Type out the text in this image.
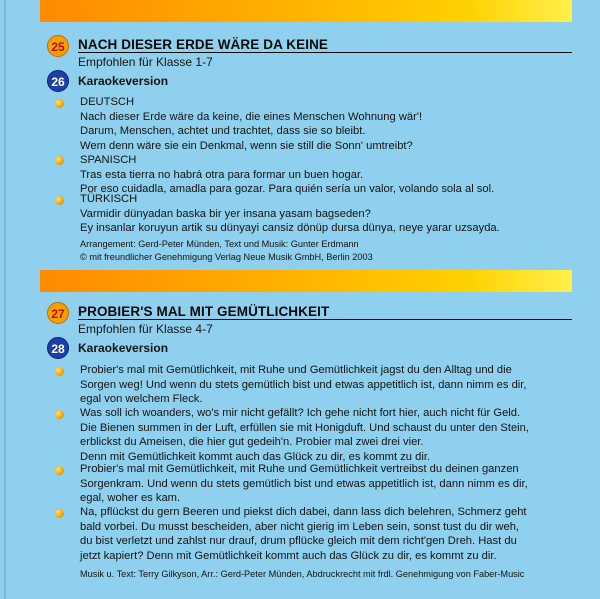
25 NACH DIESER ERDE WÄRE DA KEINE
Empfohlen für Klasse 1-7
26	Karaokeversion
DEUTSCH
Nach dieser Erde wäre da keine, die eines Menschen Wohnung wär'!
Darum, Menschen, achtet und trachtet, dass sie so bleibt.
Wem denn wäre sie ein Denkmal, wenn sie still die Sonn' umtreibt?
SPANISCH
Tras esta tierra no habrá otra para formar un buen hogar.
Por eso cuidadla, amadla para gozar. Para quién sería un valor, volando sola al sol.
TÜRKISCH
Varmidir dünyadan baska bir yer insana yasam bagseden?
Ey insanlar koruyun artik su dünyayi cansiz dönüp dursa dünya, neye yarar uzsayda.
Arrangement: Gerd-Peter Münden, Text und Musik: Gunter Erdmann
© mit freundlicher Genehmigung Verlag Neue Musik GmbH, Berlin 2003
27 PROBIER'S MAL MIT GEMÜTLICHKEIT
Empfohlen für Klasse 4-7
28	Karaokeversion
Probier's mal mit Gemütlichkeit, mit Ruhe und Gemütlichkeit jagst du den Alltag und die
Sorgen weg! Und wenn du stets gemütlich bist und etwas appetitlich ist, dann nimm es dir,
egal von welchem Fleck.
Was soll ich woanders, wo's mir nicht gefällt? Ich gehe nicht fort hier, auch nicht für Geld.
Die Bienen summen in der Luft, erfüllen sie mit Honigduft. Und schaust du unter den Stein,
erblickst du Ameisen, die hier gut gedeih'n. Probier mal zwei drei vier.
Denn mit Gemütlichkeit kommt auch das Glück zu dir, es kommt zu dir.
Probier's mal mit Gemütlichkeit, mit Ruhe und Gemütlichkeit vertreibst du deinen ganzen
Sorgenkram. Und wenn du stets gemütlich bist und etwas appetitlich ist, dann nimm es dir,
egal, woher es kam.
Na, pflückst du gern Beeren und piekst dich dabei, dann lass dich belehren, Schmerz geht
bald vorbei. Du musst bescheiden, aber nicht gierig im Leben sein, sonst tust du dir weh,
du bist verletzt und zahlst nur drauf, drum pflücke gleich mit dem richt'gen Dreh. Hast du
jetzt kapiert? Denn mit Gemütlichkeit kommt auch das Glück zu dir, es kommt zu dir.
Musik u. Text: Terry Gilkyson, Arr.: Gerd-Peter Münden, Abdruckrecht mit frdl. Genehmigung von Faber-Music
